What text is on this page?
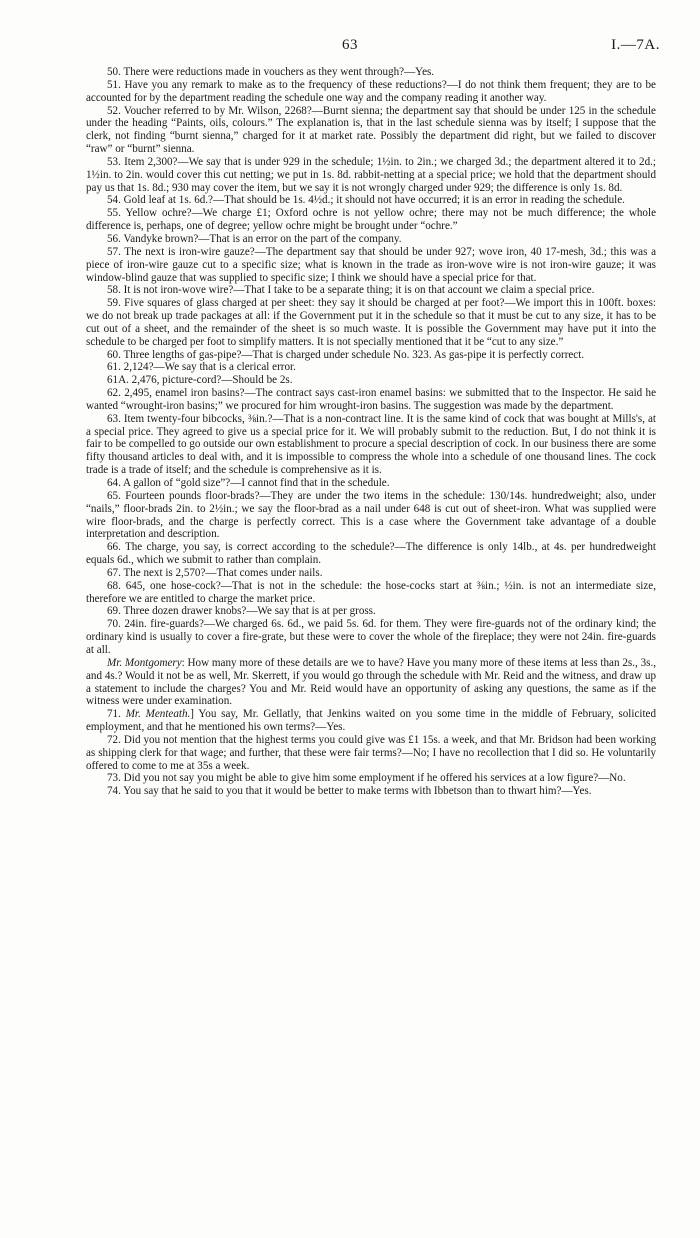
63	I.—7A.

50. There were reductions made in vouchers as they went through?—Yes.

51. Have you any remark to make as to the frequency of these reductions?—I do not think them frequent; they are to be accounted for by the department reading the schedule one way and the company reading it another way.

52. Voucher referred to by Mr. Wilson, 2268?—Burnt sienna; the department say that should be under 125 in the schedule under the heading “Paints, oils, colours.” The explanation is, that in the last schedule sienna was by itself; I suppose that the clerk, not finding “burnt sienna,” charged for it at market rate. Possibly the department did right, but we failed to discover “raw” or “burnt” sienna.

53. Item 2,300?—We say that is under 929 in the schedule; 1½in. to 2in.; we charged 3d.; the department altered it to 2d.; 1½in. to 2in. would cover this cut netting; we put in 1s. 8d. rabbit-netting at a special price; we hold that the department should pay us that 1s. 8d.; 930 may cover the item, but we say it is not wrongly charged under 929; the difference is only 1s. 8d.

54. Gold leaf at 1s. 6d.?—That should be 1s. 4½d.; it should not have occurred; it is an error in reading the schedule.

55. Yellow ochre?—We charge £1; Oxford ochre is not yellow ochre; there may not be much difference; the whole difference is, perhaps, one of degree; yellow ochre might be brought under “ochre.”

56. Vandyke brown?—That is an error on the part of the company.

57. The next is iron-wire gauze?—The department say that should be under 927; wove iron, 40 17-mesh, 3d.; this was a piece of iron-wire gauze cut to a specific size; what is known in the trade as iron-wove wire is not iron-wire gauze; it was window-blind gauze that was supplied to specific size; I think we should have a special price for that.

58. It is not iron-wove wire?—That I take to be a separate thing; it is on that account we claim a special price.

59. Five squares of glass charged at per sheet: they say it should be charged at per foot?—We import this in 100ft. boxes: we do not break up trade packages at all: if the Government put it in the schedule so that it must be cut to any size, it has to be cut out of a sheet, and the remainder of the sheet is so much waste. It is possible the Government may have put it into the schedule to be charged per foot to simplify matters. It is not specially mentioned that it be “cut to any size.”

60. Three lengths of gas-pipe?—That is charged under schedule No. 323. As gas-pipe it is perfectly correct.

61. 2,124?—We say that is a clerical error.

61A. 2,476, picture-cord?—Should be 2s.

62. 2,495, enamel iron basins?—The contract says cast-iron enamel basins: we submitted that to the Inspector. He said he wanted “wrought-iron basins;” we procured for him wrought-iron basins. The suggestion was made by the department.

63. Item twenty-four bibcocks, ⅜in.?—That is a non-contract line. It is the same kind of cock that was bought at Mills's, at a special price. They agreed to give us a special price for it. We will probably submit to the reduction. But, I do not think it is fair to be compelled to go outside our own establishment to procure a special description of cock. In our business there are some fifty thousand articles to deal with, and it is impossible to compress the whole into a schedule of one thousand lines. The cock trade is a trade of itself; and the schedule is comprehensive as it is.

64. A gallon of “gold size”?—I cannot find that in the schedule.

65. Fourteen pounds floor-brads?—They are under the two items in the schedule: 130/14s. hundredweight; also, under “nails,” floor-brads 2in. to 2½in.; we say the floor-brad as a nail under 648 is cut out of sheet-iron. What was supplied were wire floor-brads, and the charge is perfectly correct. This is a case where the Government take advantage of a double interpretation and description.

66. The charge, you say, is correct according to the schedule?—The difference is only 14lb., at 4s. per hundredweight equals 6d., which we submit to rather than complain.

67. The next is 2,570?—That comes under nails.

68. 645, one hose-cock?—That is not in the schedule: the hose-cocks start at ⅜in.; ½in. is not an intermediate size, therefore we are entitled to charge the market price.

69. Three dozen drawer knobs?—We say that is at per gross.

70. 24in. fire-guards?—We charged 6s. 6d., we paid 5s. 6d. for them. They were fire-guards not of the ordinary kind; the ordinary kind is usually to cover a fire-grate, but these were to cover the whole of the fireplace; they were not 24in. fire-guards at all.

Mr. Montgomery: How many more of these details are we to have? Have you many more of these items at less than 2s., 3s., and 4s.? Would it not be as well, Mr. Skerrett, if you would go through the schedule with Mr. Reid and the witness, and draw up a statement to include the charges? You and Mr. Reid would have an opportunity of asking any questions, the same as if the witness were under examination.

71. Mr. Menteath.] You say, Mr. Gellatly, that Jenkins waited on you some time in the middle of February, solicited employment, and that he mentioned his own terms?—Yes.

72. Did you not mention that the highest terms you could give was £1 15s. a week, and that Mr. Bridson had been working as shipping clerk for that wage; and further, that these were fair terms?—No; I have no recollection that I did so. He voluntarily offered to come to me at 35s a week.

73. Did you not say you might be able to give him some employment if he offered his services at a low figure?—No.

74. You say that he said to you that it would be better to make terms with Ibbetson than to thwart him?—Yes.
